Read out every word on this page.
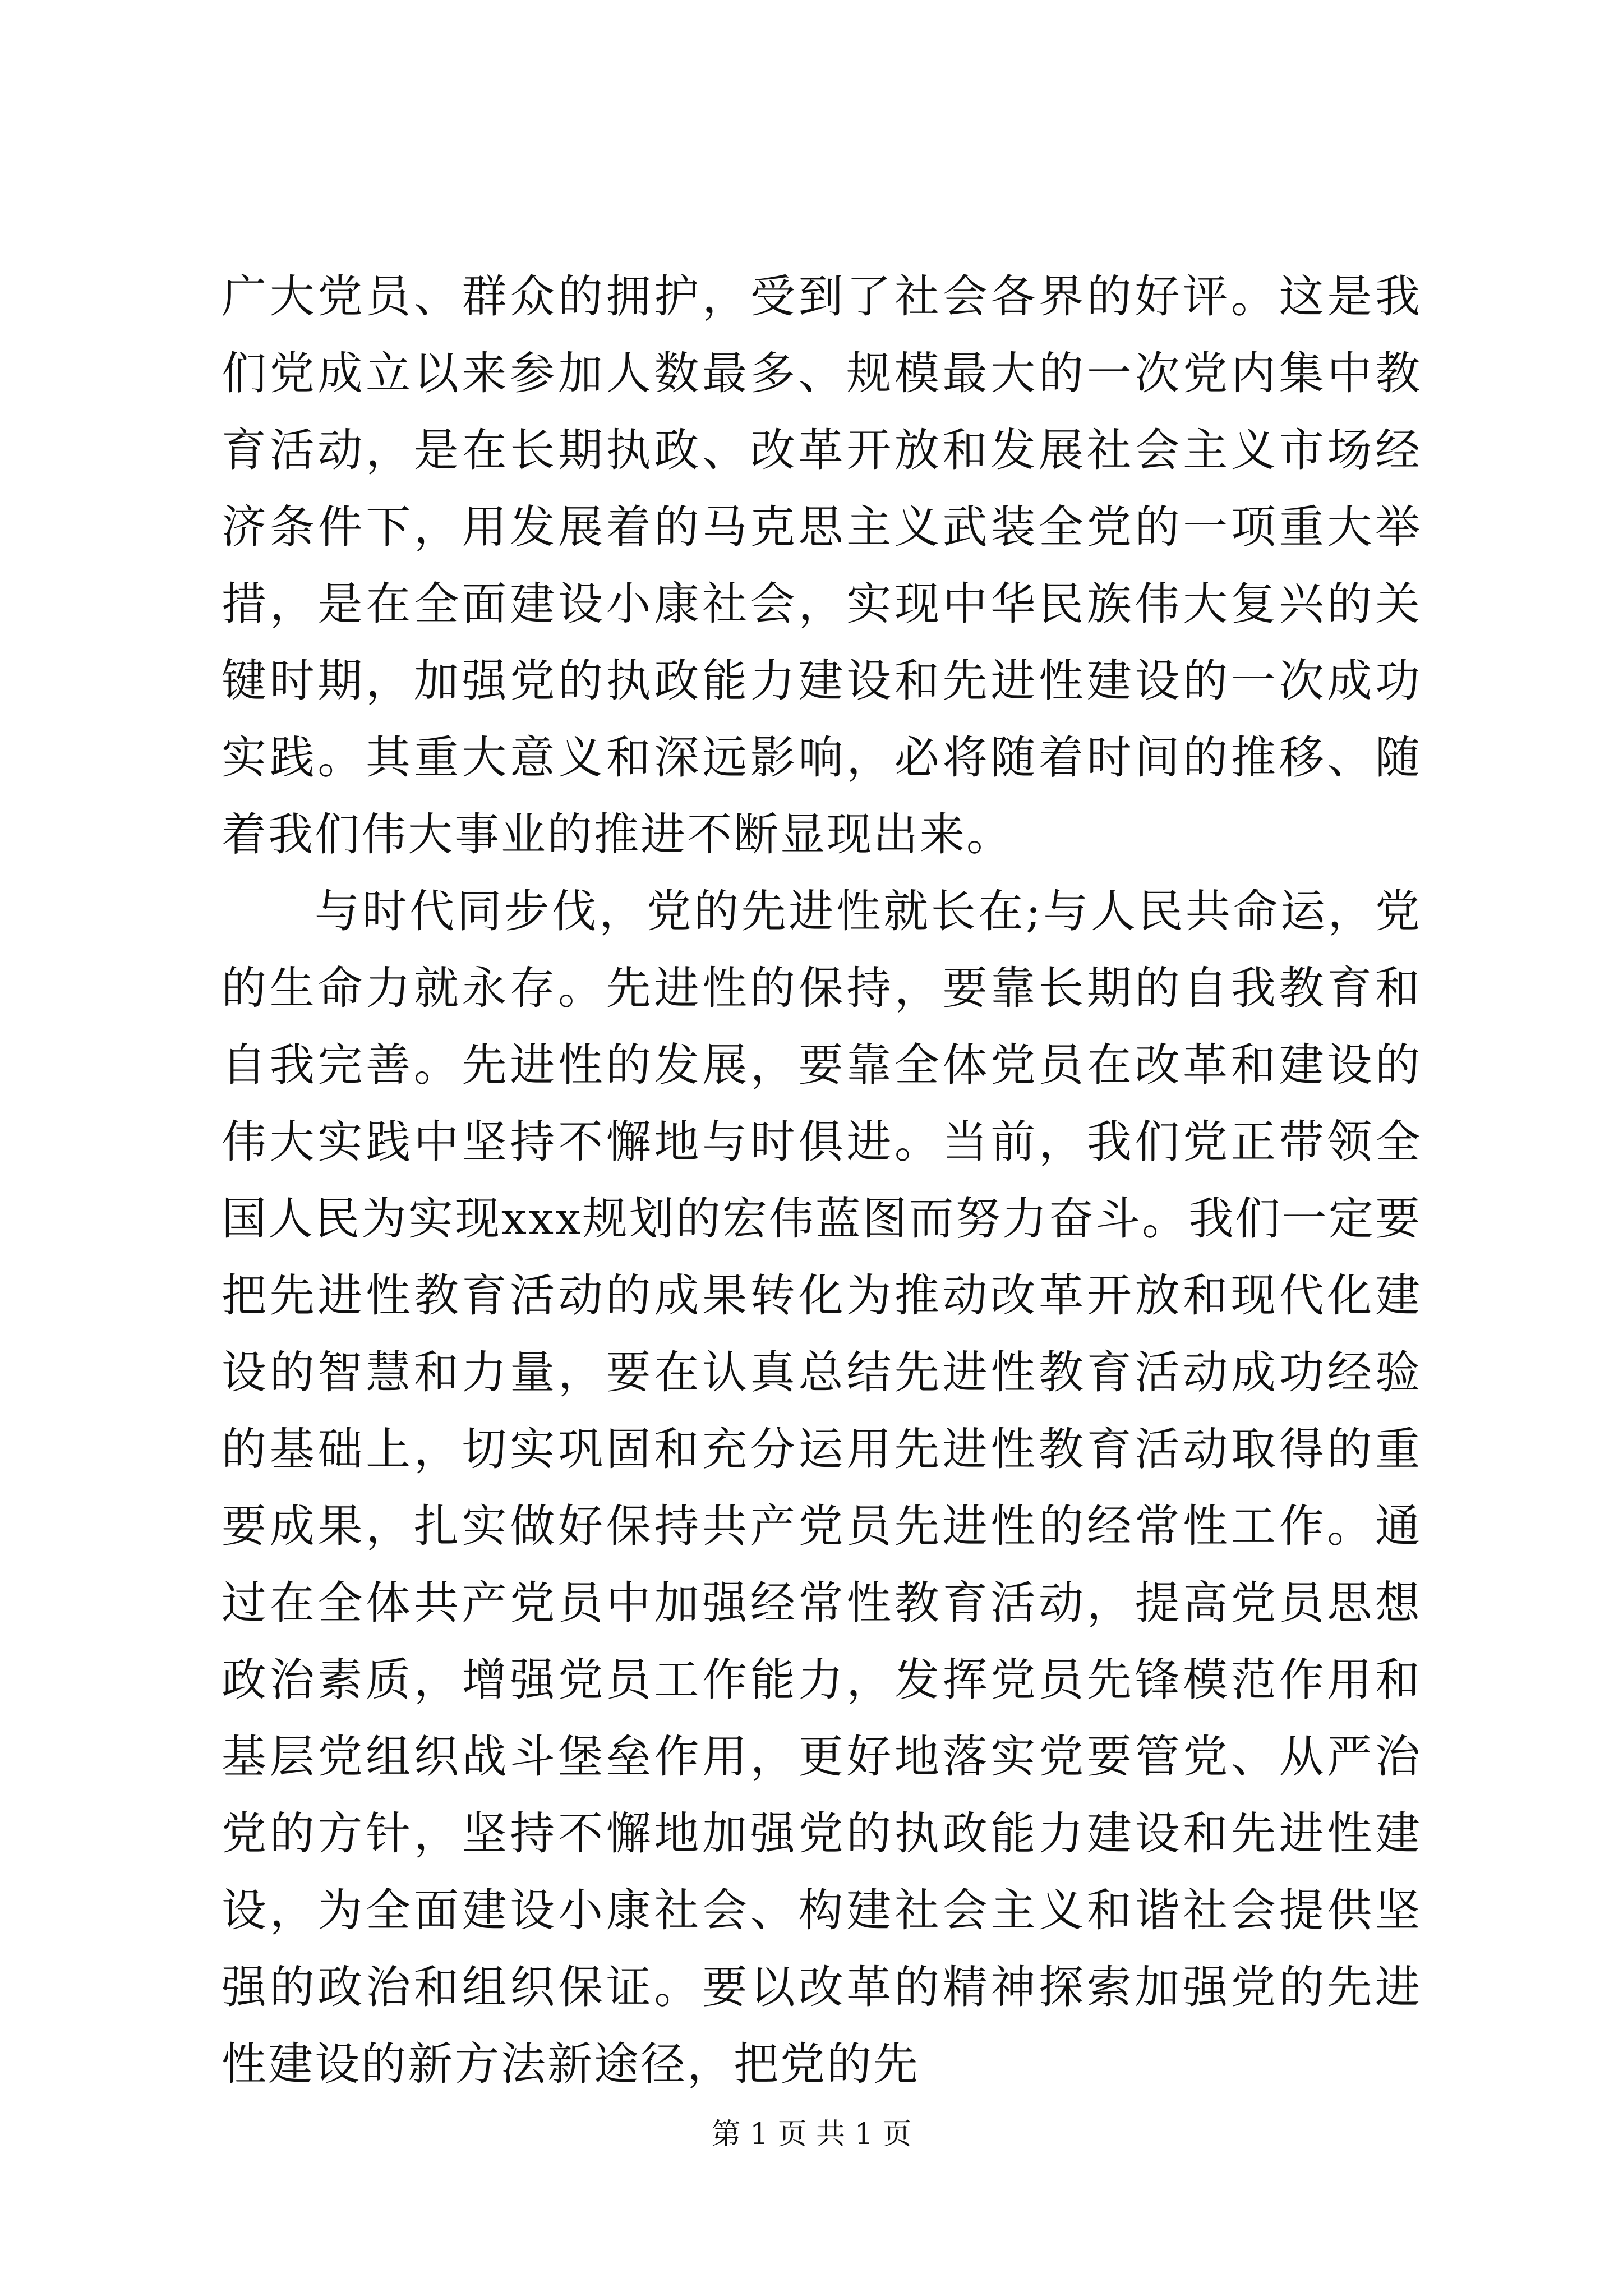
广大党员、群众的拥护，受到了社会各界的好评。这是我们党成立以来参加人数最多、规模最大的一次党内集中教育活动，是在长期执政、改革开放和发展社会主义市场经济条件下，用发展着的马克思主义武装全党的一项重大举措，是在全面建设小康社会，实现中华民族伟大复兴的关键时期，加强党的执政能力建设和先进性建设的一次成功实践。其重大意义和深远影响，必将随着时间的推移、随着我们伟大事业的推进不断显现出来。

与时代同步伐，党的先进性就长在;与人民共命运，党的生命力就永存。先进性的保持，要靠长期的自我教育和自我完善。先进性的发展，要靠全体党员在改革和建设的伟大实践中坚持不懈地与时俱进。当前，我们党正带领全国人民为实现xxx规划的宏伟蓝图而努力奋斗。我们一定要把先进性教育活动的成果转化为推动改革开放和现代化建设的智慧和力量，要在认真总结先进性教育活动成功经验的基础上，切实巩固和充分运用先进性教育活动取得的重要成果，扎实做好保持共产党员先进性的经常性工作。通过在全体共产党员中加强经常性教育活动，提高党员思想政治素质，增强党员工作能力，发挥党员先锋模范作用和基层党组织战斗堡垒作用，更好地落实党要管党、从严治党的方针，坚持不懈地加强党的执政能力建设和先进性建设，为全面建设小康社会、构建社会主义和谐社会提供坚强的政治和组织保证。要以改革的精神探索加强党的先进性建设的新方法新途径，把党的先

第 1 页 共 1 页
